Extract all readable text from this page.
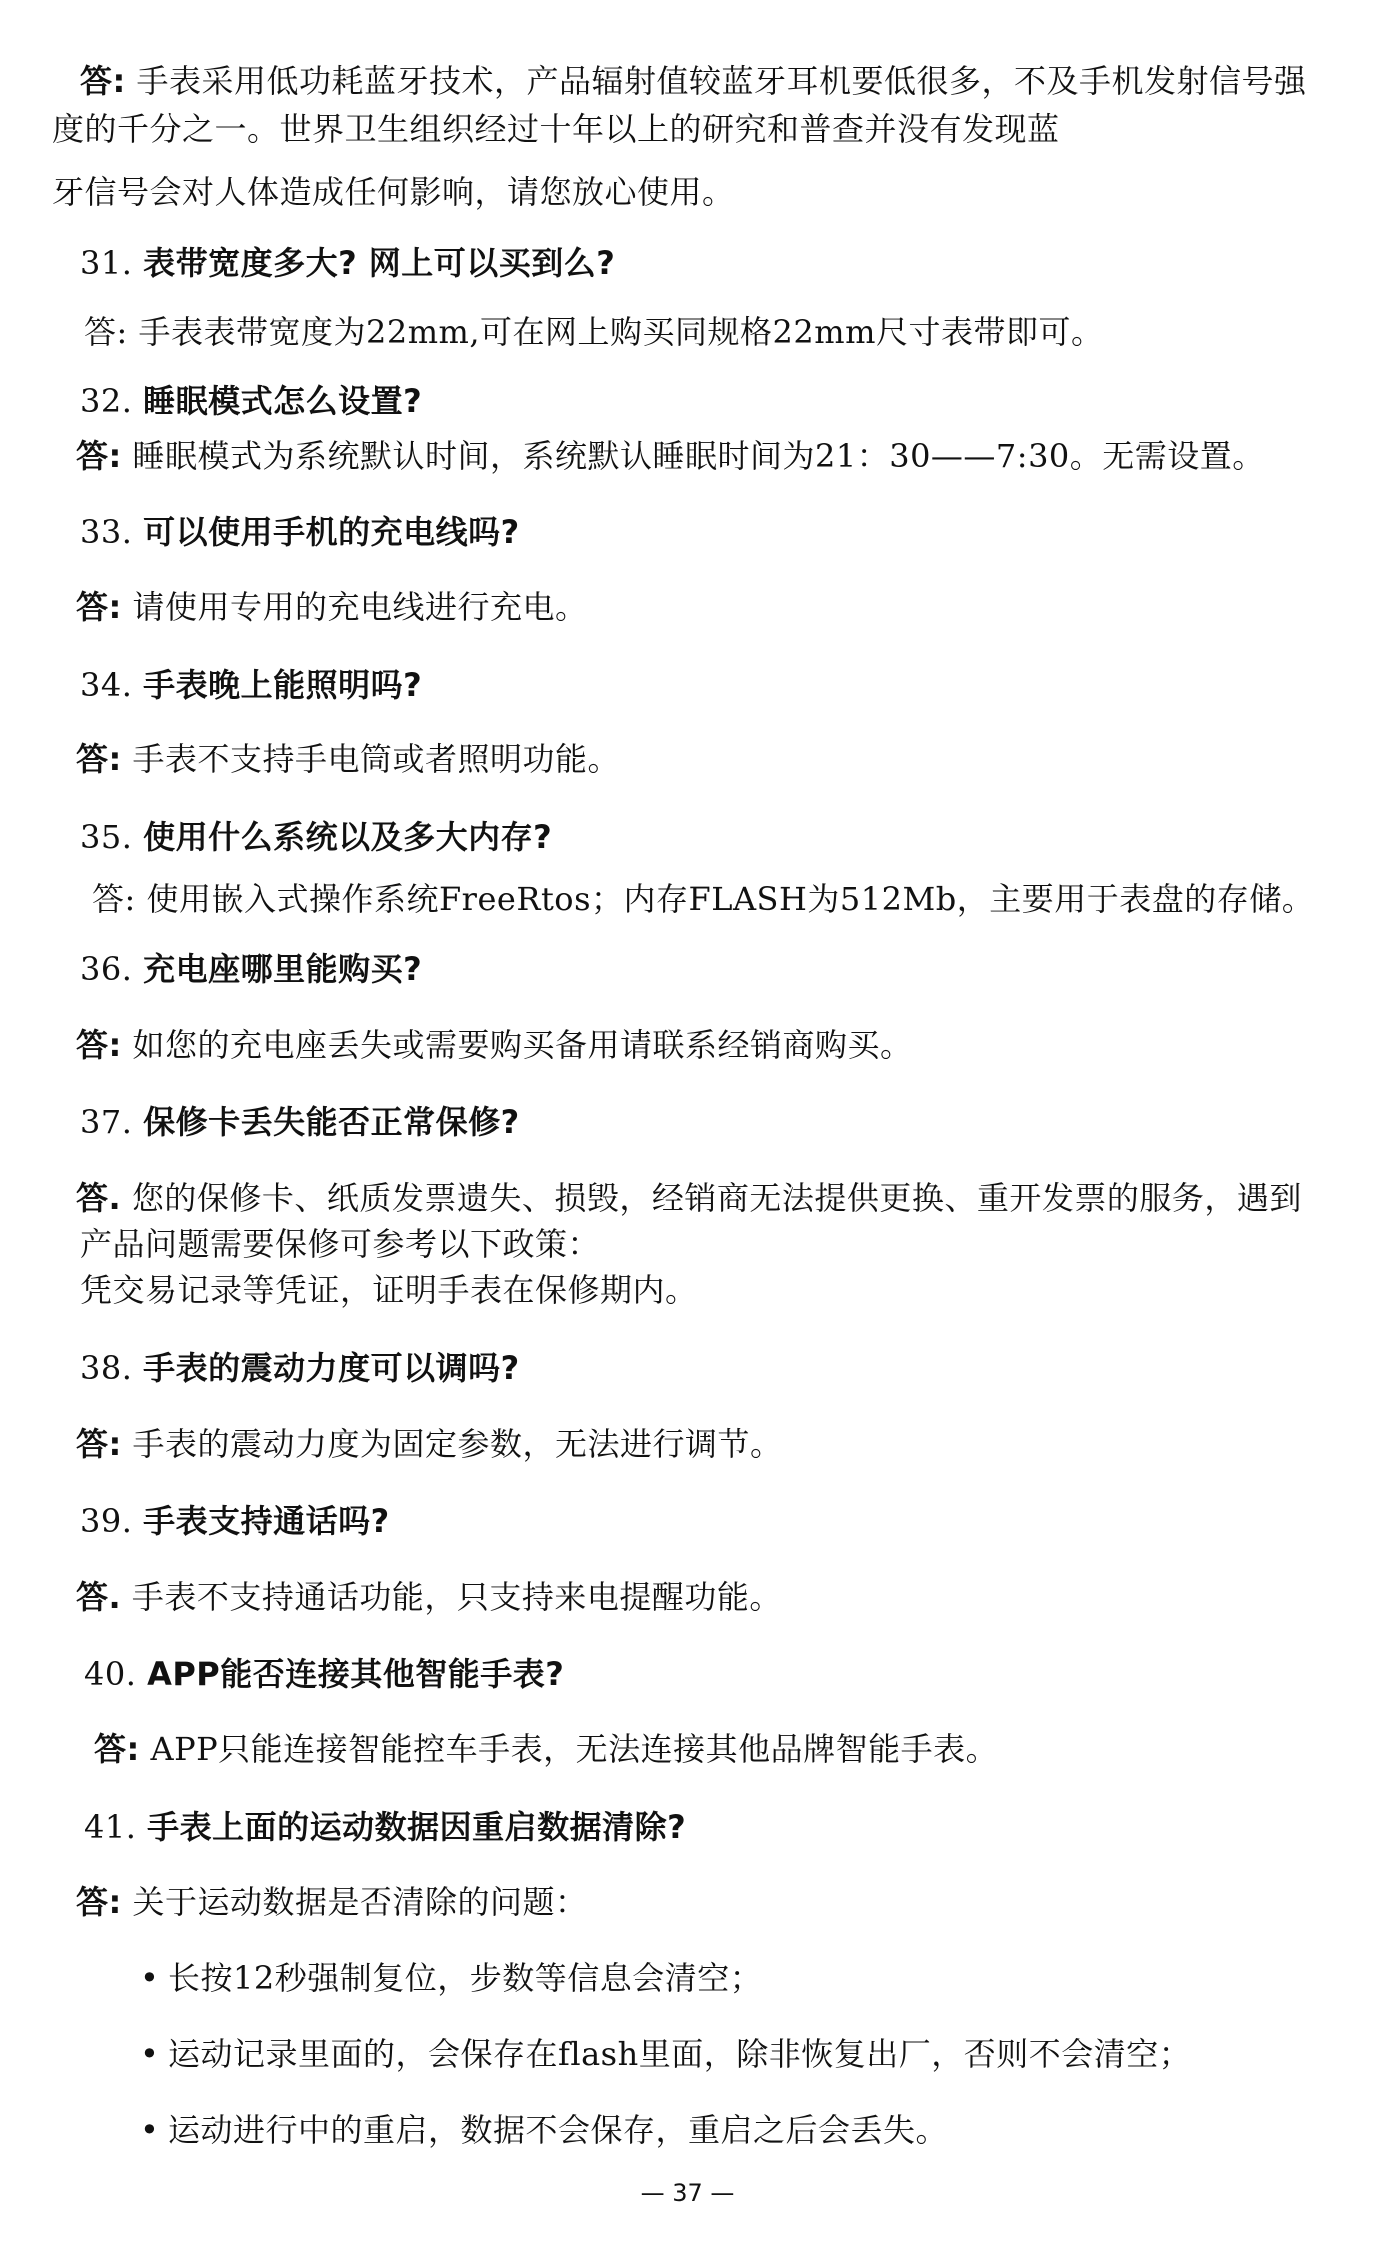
答: 手表采用低功耗蓝牙技术，产品辐射值较蓝牙耳机要低很多，不及手机发射信号强
度的千分之一。世界卫生组织经过十年以上的研究和普查并没有发现蓝
牙信号会对人体造成任何影响，请您放心使用。
31. 表带宽度多大? 网上可以买到么?
答: 手表表带宽度为22mm,可在网上购买同规格22mm尺寸表带即可。
32. 睡眠模式怎么设置?
答: 睡眠模式为系统默认时间，系统默认睡眠时间为21：30——7:30。无需设置。
33. 可以使用手机的充电线吗?
答: 请使用专用的充电线进行充电。
34. 手表晚上能照明吗?
答: 手表不支持手电筒或者照明功能。
35. 使用什么系统以及多大内存?
答: 使用嵌入式操作系统FreeRtos；内存FLASH为512Mb，主要用于表盘的存储。
36. 充电座哪里能购买?
答: 如您的充电座丢失或需要购买备用请联系经销商购买。
37. 保修卡丢失能否正常保修?
答. 您的保修卡、纸质发票遗失、损毁，经销商无法提供更换、重开发票的服务，遇到
产品问题需要保修可参考以下政策：
凭交易记录等凭证，证明手表在保修期内。
38. 手表的震动力度可以调吗?
答: 手表的震动力度为固定参数，无法进行调节。
39. 手表支持通话吗?
答. 手表不支持通话功能，只支持来电提醒功能。
40. APP能否连接其他智能手表?
答: APP只能连接智能控车手表，无法连接其他品牌智能手表。
41. 手表上面的运动数据因重启数据清除?
答: 关于运动数据是否清除的问题：
• 长按12秒强制复位，步数等信息会清空；
• 运动记录里面的，会保存在flash里面，除非恢复出厂，否则不会清空；
• 运动进行中的重启，数据不会保存，重启之后会丢失。
— 37 —
